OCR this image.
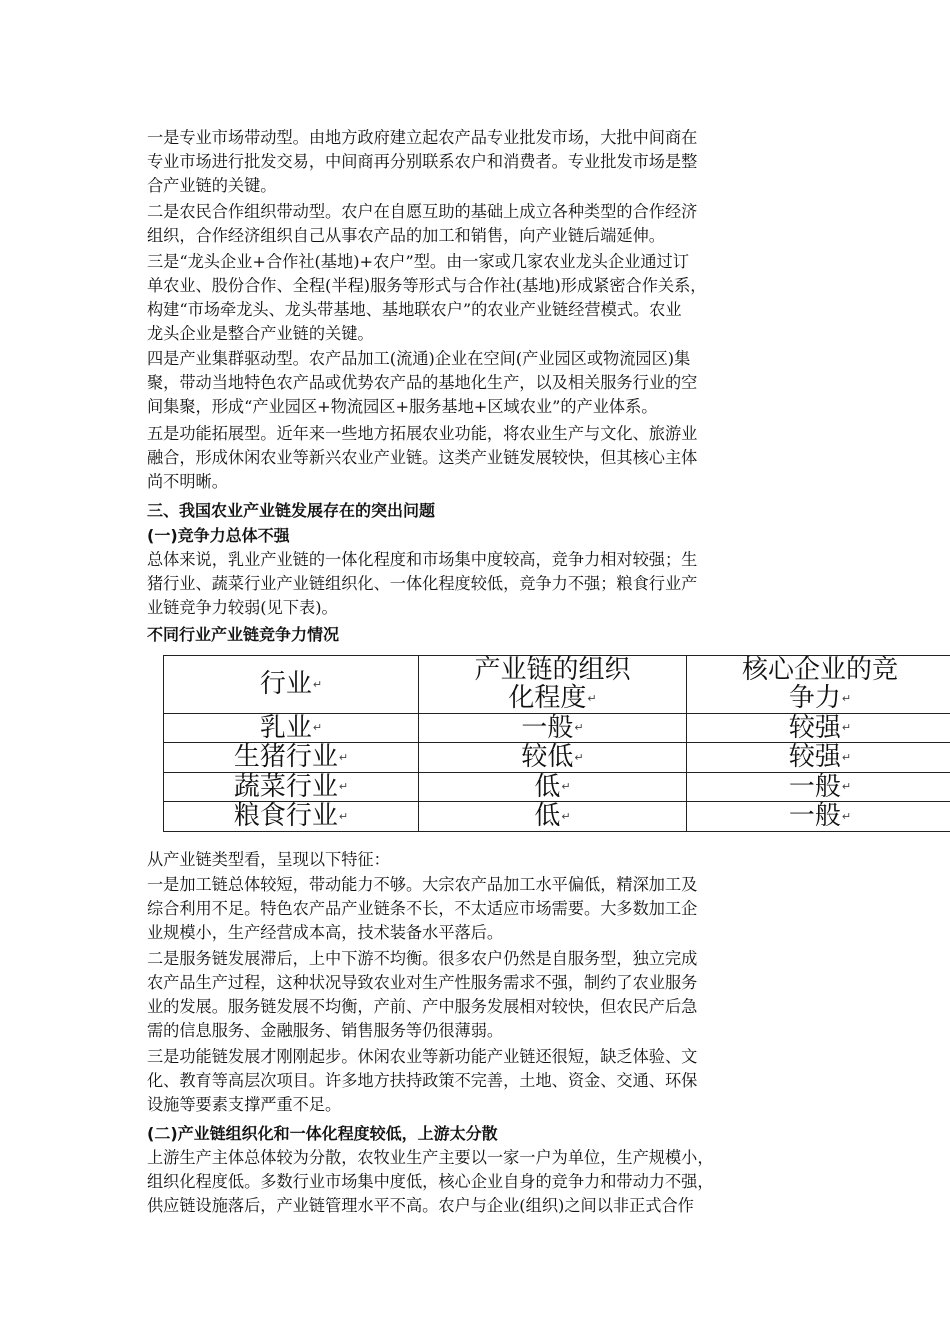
一是专业市场带动型。由地方政府建立起农产品专业批发市场，大批中间商在
专业市场进行批发交易，中间商再分别联系农户和消费者。专业批发市场是整
合产业链的关键。
二是农民合作组织带动型。农户在自愿互助的基础上成立各种类型的合作经济
组织，合作经济组织自己从事农产品的加工和销售，向产业链后端延伸。
三是“龙头企业+合作社(基地)+农户”型。由一家或几家农业龙头企业通过订
单农业、股份合作、全程(半程)服务等形式与合作社(基地)形成紧密合作关系，
构建“市场牵龙头、龙头带基地、基地联农户”的农业产业链经营模式。农业
龙头企业是整合产业链的关键。
四是产业集群驱动型。农产品加工(流通)企业在空间(产业园区或物流园区)集
聚，带动当地特色农产品或优势农产品的基地化生产，以及相关服务行业的空
间集聚，形成“产业园区+物流园区+服务基地+区域农业”的产业体系。
五是功能拓展型。近年来一些地方拓展农业功能，将农业生产与文化、旅游业
融合，形成休闲农业等新兴农业产业链。这类产业链发展较快，但其核心主体
尚不明晰。

三、我国农业产业链发展存在的突出问题

(一)竞争力总体不强

总体来说，乳业产业链的一体化程度和市场集中度较高，竞争力相对较强；生
猪行业、蔬菜行业产业链组织化、一体化程度较低，竞争力不强；粮食行业产
业链竞争力较弱(见下表)。

不同行业产业链竞争力情况

行业↵	产业链的组织
化程度↵	核心企业的竞
争力↵
乳业↵	一般↵	较强↵
生猪行业↵	较低↵	较强↵
蔬菜行业↵	低↵	一般↵
粮食行业↵	低↵	一般↵
从产业链类型看，呈现以下特征：
一是加工链总体较短，带动能力不够。大宗农产品加工水平偏低，精深加工及
综合利用不足。特色农产品产业链条不长，不太适应市场需要。大多数加工企
业规模小，生产经营成本高，技术装备水平落后。
二是服务链发展滞后，上中下游不均衡。很多农户仍然是自服务型，独立完成
农产品生产过程，这种状况导致农业对生产性服务需求不强，制约了农业服务
业的发展。服务链发展不均衡，产前、产中服务发展相对较快，但农民产后急
需的信息服务、金融服务、销售服务等仍很薄弱。
三是功能链发展才刚刚起步。休闲农业等新功能产业链还很短，缺乏体验、文
化、教育等高层次项目。许多地方扶持政策不完善，土地、资金、交通、环保
设施等要素支撑严重不足。

(二)产业链组织化和一体化程度较低，上游太分散

上游生产主体总体较为分散，农牧业生产主要以一家一户为单位，生产规模小，
组织化程度低。多数行业市场集中度低，核心企业自身的竞争力和带动力不强，
供应链设施落后，产业链管理水平不高。农户与企业(组织)之间以非正式合作
